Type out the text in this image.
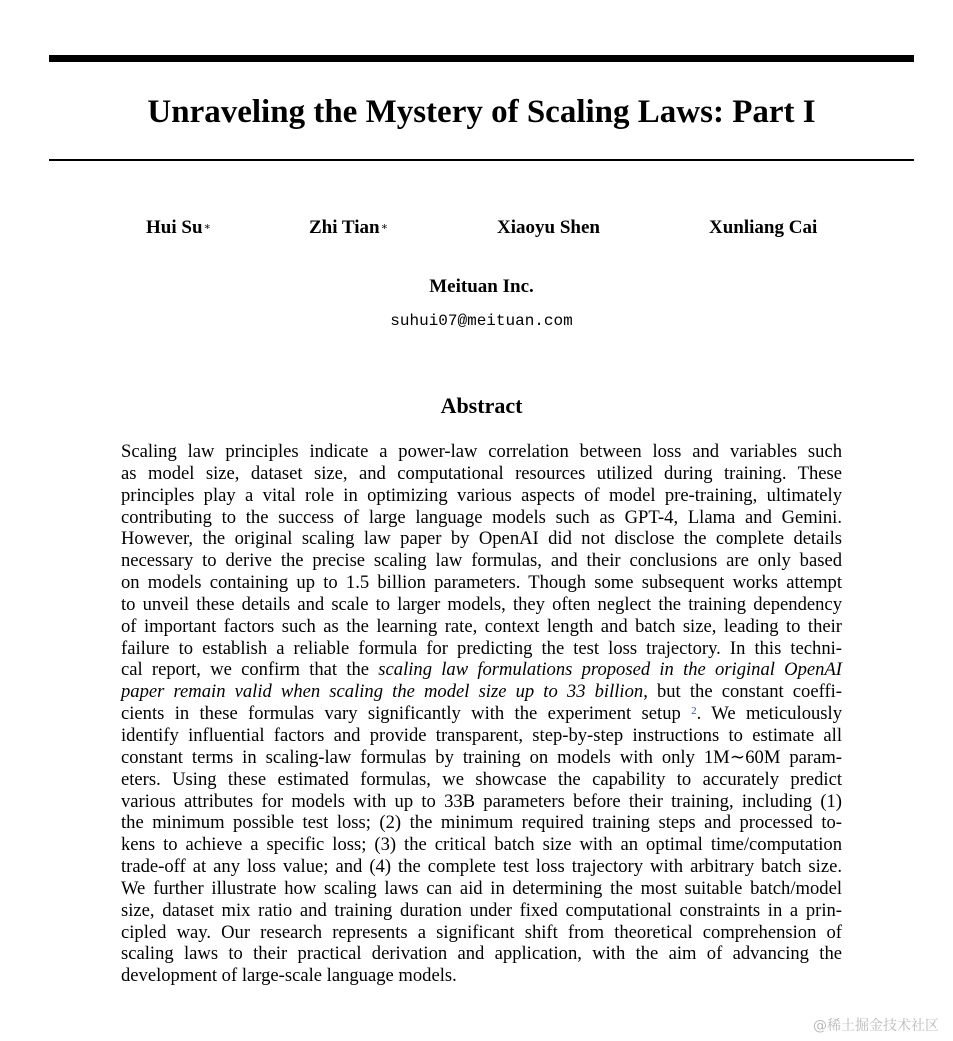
Unraveling the Mystery of Scaling Laws: Part I
Hui Su∗	Zhi Tian∗	Xiaoyu Shen	Xunliang Cai
Meituan Inc.
suhui07@meituan.com
Abstract
Scaling law principles indicate a power-law correlation between loss and variables such
as model size, dataset size, and computational resources utilized during training. These
principles play a vital role in optimizing various aspects of model pre-training, ultimately
contributing to the success of large language models such as GPT-4, Llama and Gemini.
However, the original scaling law paper by OpenAI did not disclose the complete details
necessary to derive the precise scaling law formulas, and their conclusions are only based
on models containing up to 1.5 billion parameters. Though some subsequent works attempt
to unveil these details and scale to larger models, they often neglect the training dependency
of important factors such as the learning rate, context length and batch size, leading to their
failure to establish a reliable formula for predicting the test loss trajectory. In this techni-
cal report, we confirm that the scaling law formulations proposed in the original OpenAI
paper remain valid when scaling the model size up to 33 billion, but the constant coeffi-
cients in these formulas vary significantly with the experiment setup $^2$. We meticulously
identify influential factors and provide transparent, step-by-step instructions to estimate all
constant terms in scaling-law formulas by training on models with only 1M∼60M param-
eters. Using these estimated formulas, we showcase the capability to accurately predict
various attributes for models with up to 33B parameters before their training, including (1)
the minimum possible test loss; (2) the minimum required training steps and processed to-
kens to achieve a specific loss; (3) the critical batch size with an optimal time/computation
trade-off at any loss value; and (4) the complete test loss trajectory with arbitrary batch size.
We further illustrate how scaling laws can aid in determining the most suitable batch/model
size, dataset mix ratio and training duration under fixed computational constraints in a prin-
cipled way. Our research represents a significant shift from theoretical comprehension of
scaling laws to their practical derivation and application, with the aim of advancing the
development of large-scale language models.
@稀土掘金技术社区
